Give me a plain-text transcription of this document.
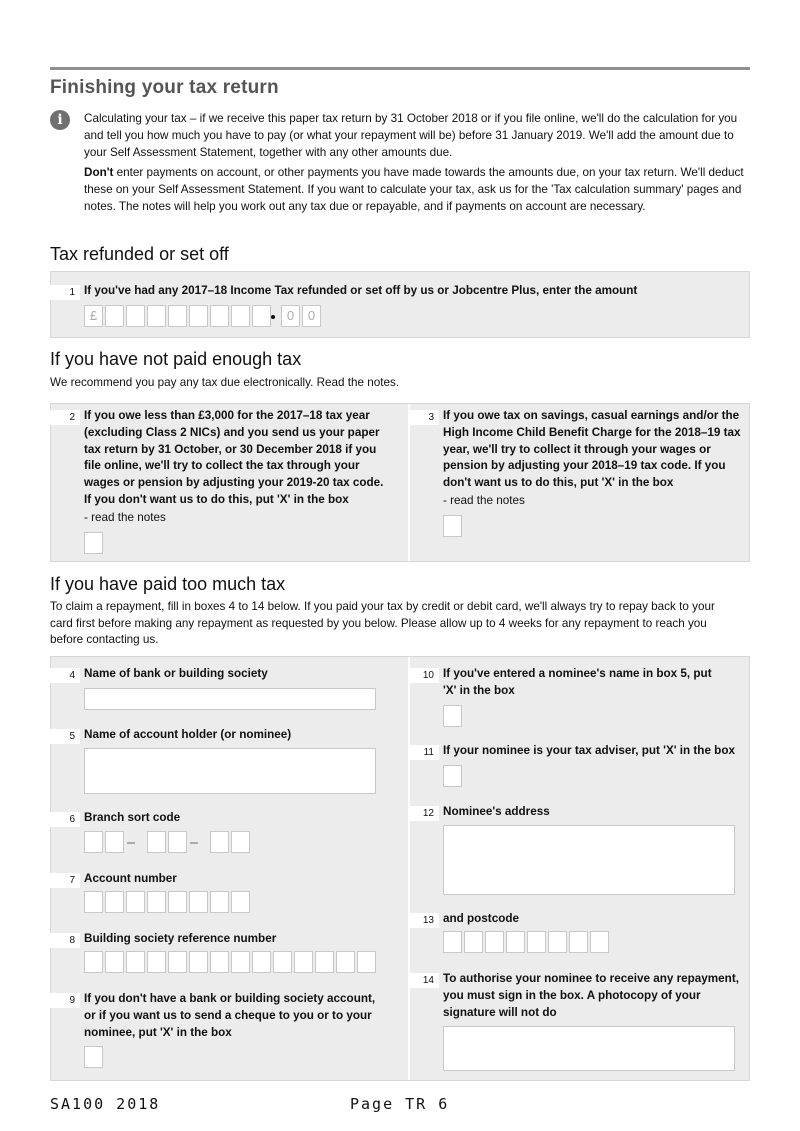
Finishing your tax return
i	Calculating your tax – if we receive this paper tax return by 31 October 2018 or if you file online, we'll do the calculation for you and tell you how much you have to pay (or what your repayment will be) before 31 January 2019. We'll add the amount due to your Self Assessment Statement, together with any other amounts due.
Don't enter payments on account, or other payments you have made towards the amounts due, on your tax return. We'll deduct these on your Self Assessment Statement. If you want to calculate your tax, ask us for the 'Tax calculation summary' pages and notes. The notes will help you work out any tax due or repayable, and if payments on account are necessary.
Tax refunded or set off
1 If you've had any 2017–18 Income Tax refunded or set off by us or Jobcentre Plus, enter the amount
£	0	0
If you have not paid enough tax
We recommend you pay any tax due electronically. Read the notes.
2 If you owe less than £3,000 for the 2017–18 tax year (excluding Class 2 NICs) and you send us your paper tax return by 31 October, or 30 December 2018 if you file online, we'll try to collect the tax through your wages or pension by adjusting your 2019-20 tax code. If you don't want us to do this, put 'X' in the box
- read the notes
3 If you owe tax on savings, casual earnings and/or the High Income Child Benefit Charge for the 2018–19 tax year, we'll try to collect it through your wages or pension by adjusting your 2018–19 tax code. If you don't want us to do this, put 'X' in the box
- read the notes
If you have paid too much tax
To claim a repayment, fill in boxes 4 to 14 below. If you paid your tax by credit or debit card, we'll always try to repay back to your card first before making any repayment as requested by you below. Please allow up to 4 weeks for any repayment to reach you before contacting us.
4 Name of bank or building society
5 Name of account holder (or nominee)
6 Branch sort code
7 Account number
8 Building society reference number
9 If you don't have a bank or building society account, or if you want us to send a cheque to you or to your nominee, put 'X' in the box
10 If you've entered a nominee's name in box 5, put 'X' in the box
11 If your nominee is your tax adviser, put 'X' in the box
12 Nominee's address
13 and postcode
14 To authorise your nominee to receive any repayment, you must sign in the box. A photocopy of your signature will not do
SA100 2018	Page TR 6
